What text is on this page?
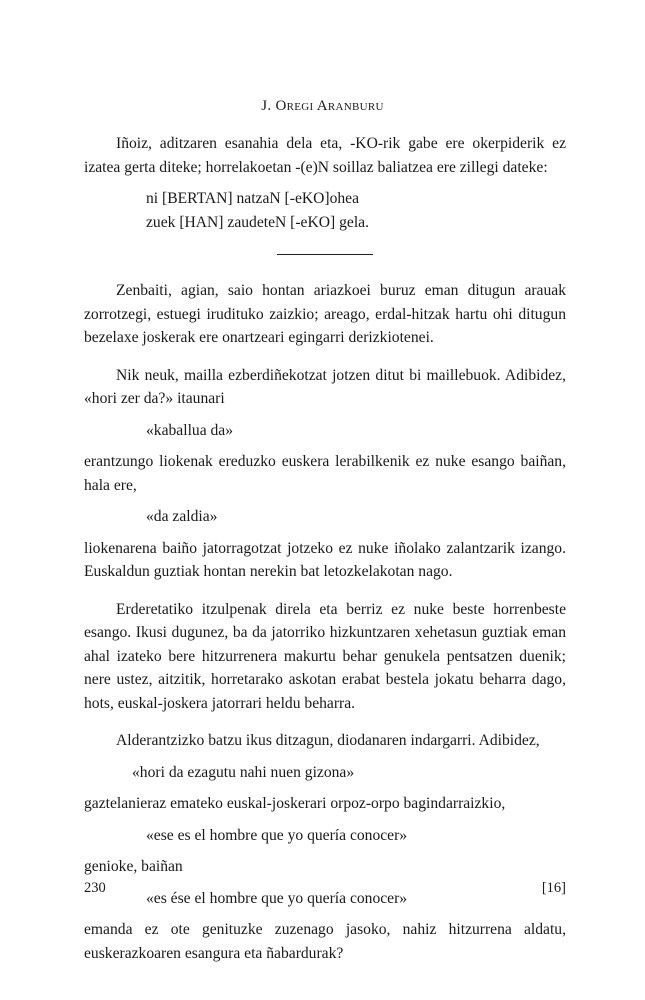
J. Oregi Aranburu

Iñoiz, aditzaren esanahia dela eta, -KO-rik gabe ere okerpiderik ez izatea gerta diteke; horrelakoetan -(e)N soillaz baliatzea ere zillegi dateke:

ni [BERTAN] natzaN [-eKO]ohea

zuek [HAN] zaudeteN [-eKO] gela.

Zenbaiti, agian, saio hontan ariazkoei buruz eman ditugun arauak zorrotzegi, estuegi irudituko zaizkio; areago, erdal-hitzak hartu ohi ditugun bezelaxe joskerak ere onartzeari egingarri derizkiotenei.

Nik neuk, mailla ezberdiñekotzat jotzen ditut bi maillebuok. Adibidez, «hori zer da?» itaunari

«kaballua da»

erantzungo liokenak ereduzko euskera lerabilkenik ez nuke esango baiñan, hala ere,

«da zaldia»

liokenarena baiño jatorragotzat jotzeko ez nuke iñolako zalantzarik izango. Euskaldun guztiak hontan nerekin bat letozkelakotan nago.

Erderetatiko itzulpenak direla eta berriz ez nuke beste horrenbeste esango. Ikusi dugunez, ba da jatorriko hizkuntzaren xehetasun guztiak eman ahal izateko bere hitzurrenera makurtu behar genukela pentsatzen duenik; nere ustez, aitzitik, horretarako askotan erabat bestela jokatu beharra dago, hots, euskal-joskera jatorrari heldu beharra.

Alderantzizko batzu ikus ditzagun, diodanaren indargarri. Adibidez,

«hori da ezagutu nahi nuen gizona»

gaztelanieraz emateko euskal-joskerari orpoz-orpo bagindarraizkio,

«ese es el hombre que yo quería conocer»

genioke, baiñan

«es ése el hombre que yo quería conocer»

emanda ez ote genituzke zuzenago jasoko, nahiz hitzurrena aldatu, euskerazkoaren esangura eta ñabardurak?

230	[16]
